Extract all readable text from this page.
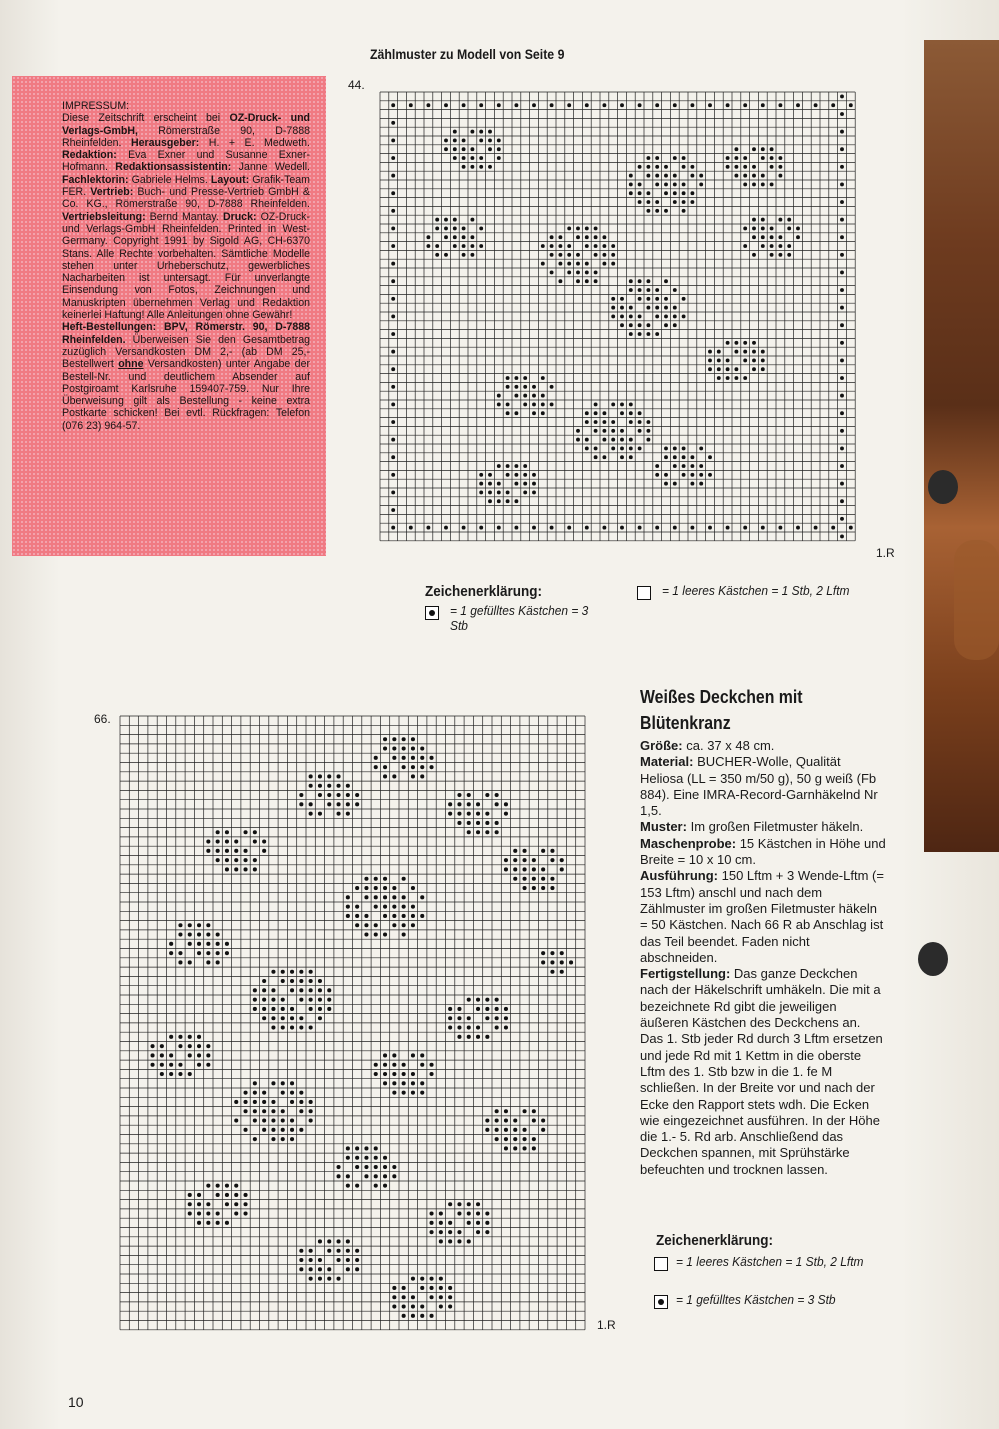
Zählmuster zu Modell von Seite 9
IMPRESSUM:
Diese Zeitschrift erscheint bei OZ-Druck- und Verlags-GmbH, Römerstraße 90, D-7888 Rheinfelden. Herausgeber: H. + E. Medweth. Redaktion: Eva Exner und Susanne Exner-Hofmann. Redaktionsassistentin: Janne Wedell. Fachlektorin: Gabriele Helms. Layout: Grafik-Team FER. Vertrieb: Buch- und Presse-Vertrieb GmbH & Co. KG., Römerstraße 90, D-7888 Rheinfelden. Vertriebsleitung: Bernd Mantay. Druck: OZ-Druck- und Verlags-GmbH Rheinfelden. Printed in West-Germany. Copyright 1991 by Sigold AG, CH-6370 Stans. Alle Rechte vorbehalten. Sämtliche Modelle stehen unter Urheberschutz, gewerbliches Nacharbeiten ist untersagt. Für unverlangte Einsendung von Fotos, Zeichnungen und Manuskripten übernehmen Verlag und Redaktion keinerlei Haftung! Alle Anleitungen ohne Gewähr!
Heft-Bestellungen: BPV, Römerstr. 90, D-7888 Rheinfelden. Überweisen Sie den Gesamtbetrag zuzüglich Versandkosten DM 2,- (ab DM 25,- Bestellwert ohne Versandkosten) unter Angabe der Bestell-Nr. und deutlichem Absender auf Postgiroamt Karlsruhe 159407-759. Nur Ihre Überweisung gilt als Bestellung - keine extra Postkarte schicken! Bei evtl. Rückfragen: Telefon (076 23) 964-57.
44.
1.R
Zeichenerklärung:
= 1 gefülltes Kästchen = 3 Stb
= 1 leeres Kästchen = 1 Stb, 2 Lftm
66.
1.R
Weißes Deckchen mit Blütenkranz

Größe: ca. 37 x 48 cm.

Material: BUCHER-Wolle, Qualität Heliosa (LL = 350 m/50 g), 50 g weiß (Fb 884). Eine IMRA-Record-Garnhäkelnd Nr 1,5.

Muster: Im großen Filetmuster häkeln.

Maschenprobe: 15 Kästchen in Höhe und Breite = 10 x 10 cm.

Ausführung: 150 Lftm + 3 Wende-Lftm (= 153 Lftm) anschl und nach dem Zählmuster im großen Filetmuster häkeln = 50 Kästchen. Nach 66 R ab Anschlag ist das Teil beendet. Faden nicht abschneiden.

Fertigstellung: Das ganze Deckchen nach der Häkelschrift umhäkeln. Die mit a bezeichnete Rd gibt die jeweiligen äußeren Kästchen des Deckchens an. Das 1. Stb jeder Rd durch 3 Lftm ersetzen und jede Rd mit 1 Kettm in die oberste Lftm des 1. Stb bzw in die 1. fe M schließen. In der Breite vor und nach der Ecke den Rapport stets wdh. Die Ecken wie eingezeichnet ausführen. In der Höhe die 1.- 5. Rd arb. Anschließend das Deckchen spannen, mit Sprühstärke befeuchten und trocknen lassen.

Zeichenerklärung:
= 1 leeres Kästchen = 1 Stb, 2 Lftm
= 1 gefülltes Kästchen = 3 Stb
10
